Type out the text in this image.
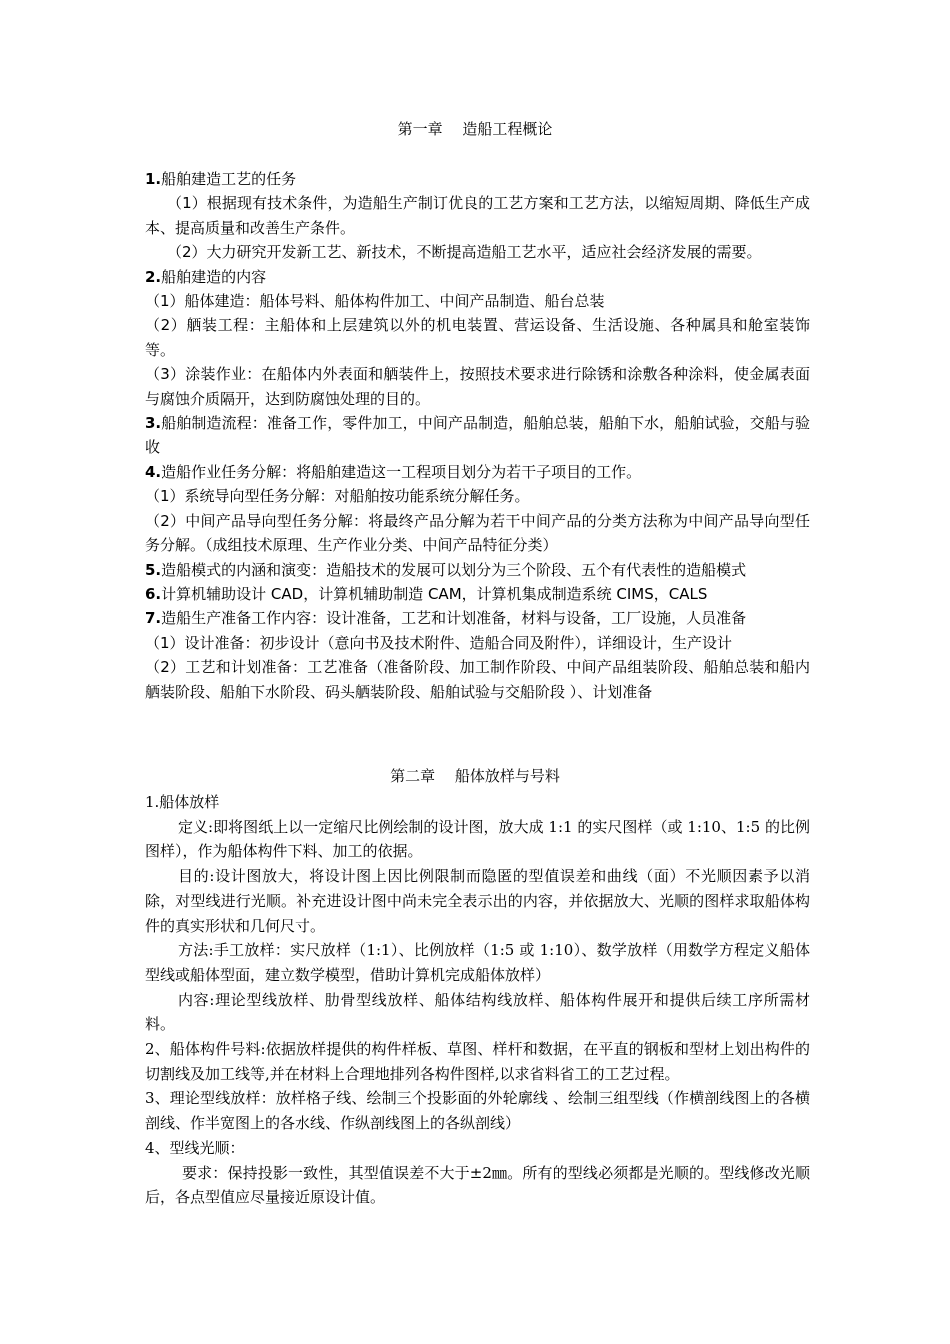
第一章　 造船工程概论

1.船舶建造工艺的任务

（1）根据现有技术条件，为造船生产制订优良的工艺方案和工艺方法，以缩短周期、降低生产成本、提高质量和改善生产条件。

（2）大力研究开发新工艺、新技术，不断提高造船工艺水平，适应社会经济发展的需要。

2.船舶建造的内容

（1）船体建造：船体号料、船体构件加工、中间产品制造、船台总装

（2）舾装工程：主船体和上层建筑以外的机电装置、营运设备、生活设施、各种属具和舱室装饰等。

（3）涂装作业：在船体内外表面和舾装件上，按照技术要求进行除锈和涂敷各种涂料，使金属表面与腐蚀介质隔开，达到防腐蚀处理的目的。

3.船舶制造流程：准备工作，零件加工，中间产品制造，船舶总装，船舶下水，船舶试验，交船与验收

4.造船作业任务分解：将船舶建造这一工程项目划分为若干子项目的工作。

（1）系统导向型任务分解：对船舶按功能系统分解任务。

（2）中间产品导向型任务分解：将最终产品分解为若干中间产品的分类方法称为中间产品导向型任务分解。（成组技术原理、生产作业分类、中间产品特征分类）

5.造船模式的内涵和演变：造船技术的发展可以划分为三个阶段、五个有代表性的造船模式

6.计算机辅助设计 CAD，计算机辅助制造 CAM，计算机集成制造系统 CIMS，CALS

7.造船生产准备工作内容：设计准备，工艺和计划准备，材料与设备，工厂设施，人员准备

（1）设计准备：初步设计（意向书及技术附件、造船合同及附件），详细设计，生产设计

（2）工艺和计划准备：工艺准备（准备阶段、加工制作阶段、中间产品组装阶段、船舶总装和船内舾装阶段、船舶下水阶段、码头舾装阶段、船舶试验与交船阶段 ）、计划准备

第二章　 船体放样与号料

1.船体放样

定义:即将图纸上以一定缩尺比例绘制的设计图，放大成 1:1 的实尺图样（或 1:10、1:5 的比例图样），作为船体构件下料、加工的依据。

目的:设计图放大，将设计图上因比例限制而隐匿的型值误差和曲线（面）不光顺因素予以消除，对型线进行光顺。补充进设计图中尚未完全表示出的内容，并依据放大、光顺的图样求取船体构件的真实形状和几何尺寸。

方法:手工放样：实尺放样（1:1）、比例放样（1:5 或 1:10）、数学放样（用数学方程定义船体型线或船体型面，建立数学模型，借助计算机完成船体放样）

内容:理论型线放样、肋骨型线放样、船体结构线放样、船体构件展开和提供后续工序所需材料。

2、船体构件号料:依据放样提供的构件样板、草图、样杆和数据，在平直的钢板和型材上划出构件的切割线及加工线等,并在材料上合理地排列各构件图样,以求省料省工的工艺过程。

3、理论型线放样：放样格子线、绘制三个投影面的外轮廓线 、绘制三组型线（作横剖线图上的各横剖线、作半宽图上的各水线、作纵剖线图上的各纵剖线）

4、型线光顺：

要求：保持投影一致性，其型值误差不大于±2㎜。所有的型线必须都是光顺的。型线修改光顺后，各点型值应尽量接近原设计值。
